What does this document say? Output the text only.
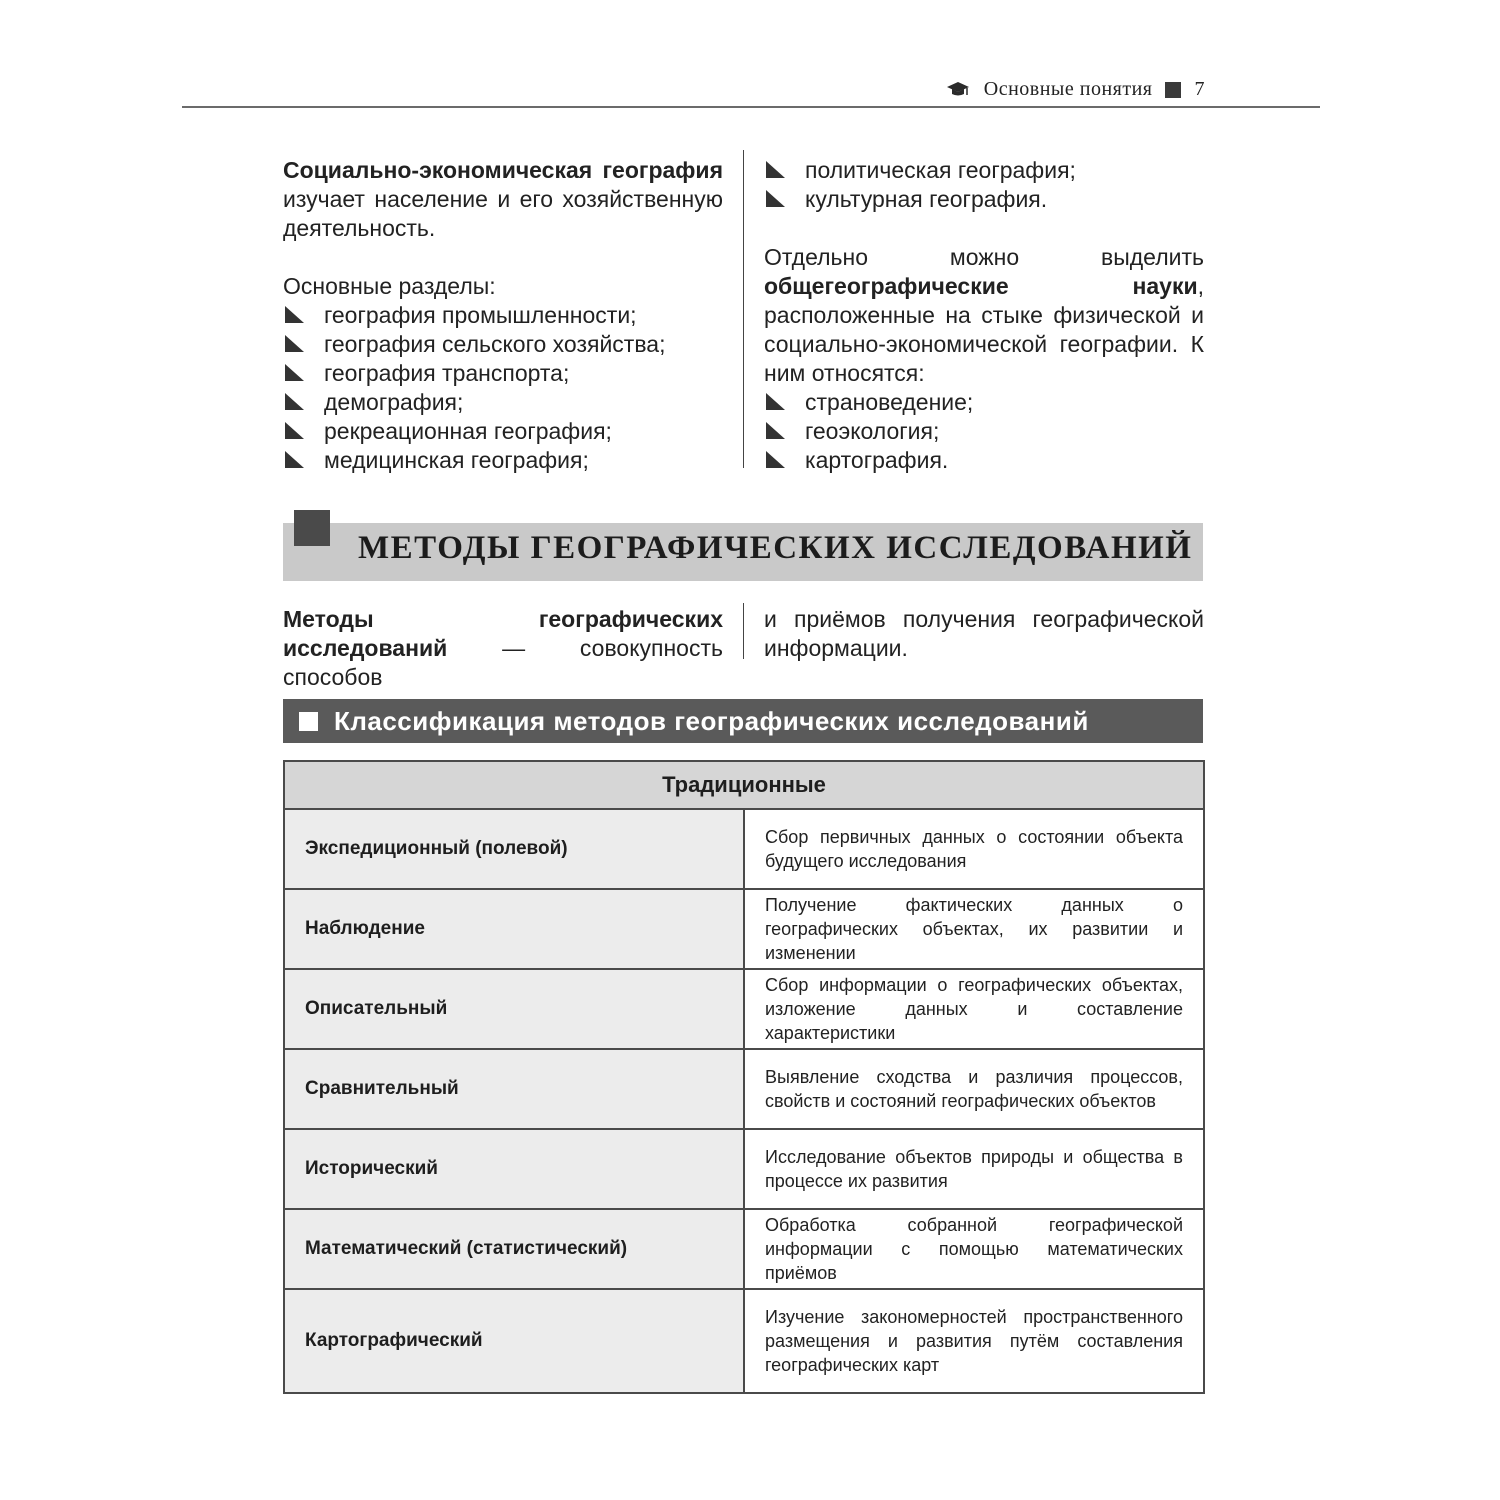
Основные понятия 7

Социально-экономическая география изучает население и его хозяйственную деятельность.

Основные разделы:

география промышленности;
география сельского хозяйства;
география транспорта;
демография;
рекреационная география;
медицинская география;
политическая география;
культурная география.

Отдельно можно выделить общегеографические науки, расположенные на стыке физической и социально-экономической географии. К ним относятся:

страноведение;
геоэкология;
картография.
МЕТОДЫ ГЕОГРАФИЧЕСКИХ ИССЛЕДОВАНИЙ

Методы географических исследований — совокупность способов

и приёмов получения географической информации.

Классификация методов географических исследований
Традиционные	
Экспедиционный (полевой)	Сбор первичных данных о состоянии объекта будущего исследования
Наблюдение	Получение фактических данных о географических объектах, их развитии и изменении
Описательный	Сбор информации о географических объектах, изложение данных и составление характеристики
Сравнительный	Выявление сходства и различия процессов, свойств и состояний географических объектов
Исторический	Исследование объектов природы и общества в процессе их развития
Математический (статистический)	Обработка собранной географической информации с помощью математических приёмов
Картографический	Изучение закономерностей пространственного размещения и развития путём составления географических карт
